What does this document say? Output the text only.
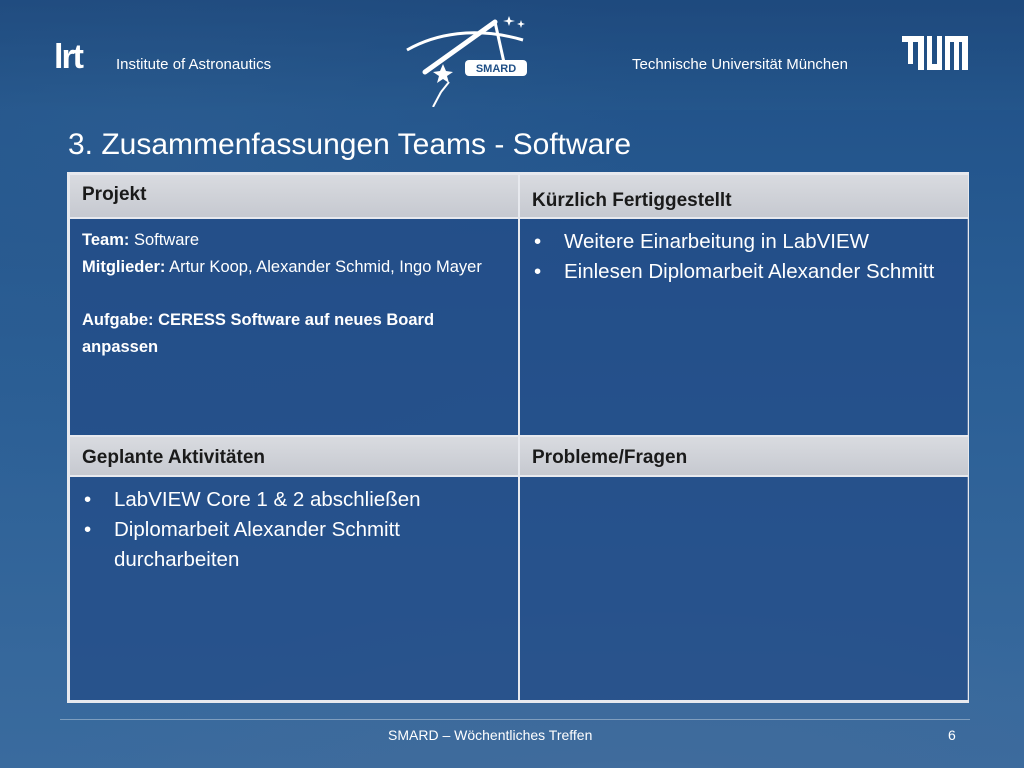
lrt Institute of Astronautics	SMARD	Technische Universität München
3. Zusammenfassungen Teams - Software
Projekt	Kürzlich Fertiggestellt
Team: Software
Mitglieder: Artur Koop, Alexander Schmid, Ingo Mayer
Aufgabe: CERESS Software auf neues Board anpassen
• Weitere Einarbeitung in LabVIEW
• Einlesen Diplomarbeit Alexander Schmitt
Geplante Aktivitäten	Probleme/Fragen
• LabVIEW Core 1 & 2 abschließen
• Diplomarbeit Alexander Schmitt durcharbeiten
SMARD – Wöchentliches Treffen	6
